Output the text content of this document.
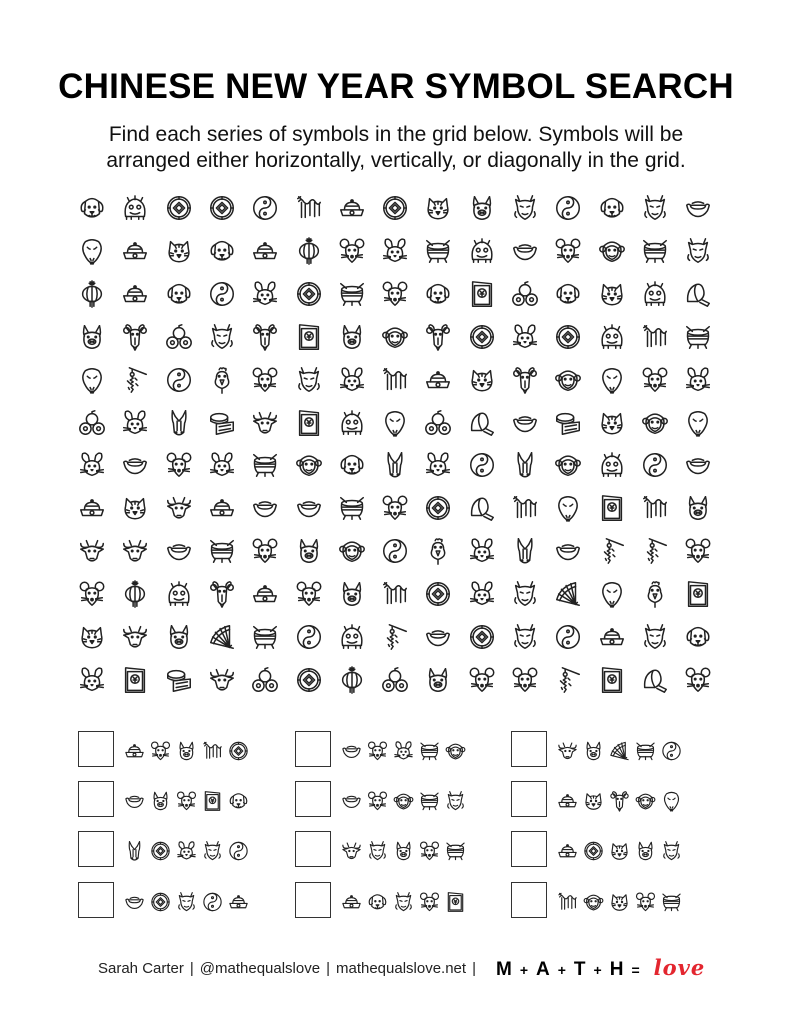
CHINESE NEW YEAR SYMBOL SEARCH
Find each series of symbols in the grid below. Symbols will be
arranged either horizontally, vertically, or diagonally in the grid.
Sarah Carter | @mathequalslove | mathequalslove.net | M + A + T + H = love
